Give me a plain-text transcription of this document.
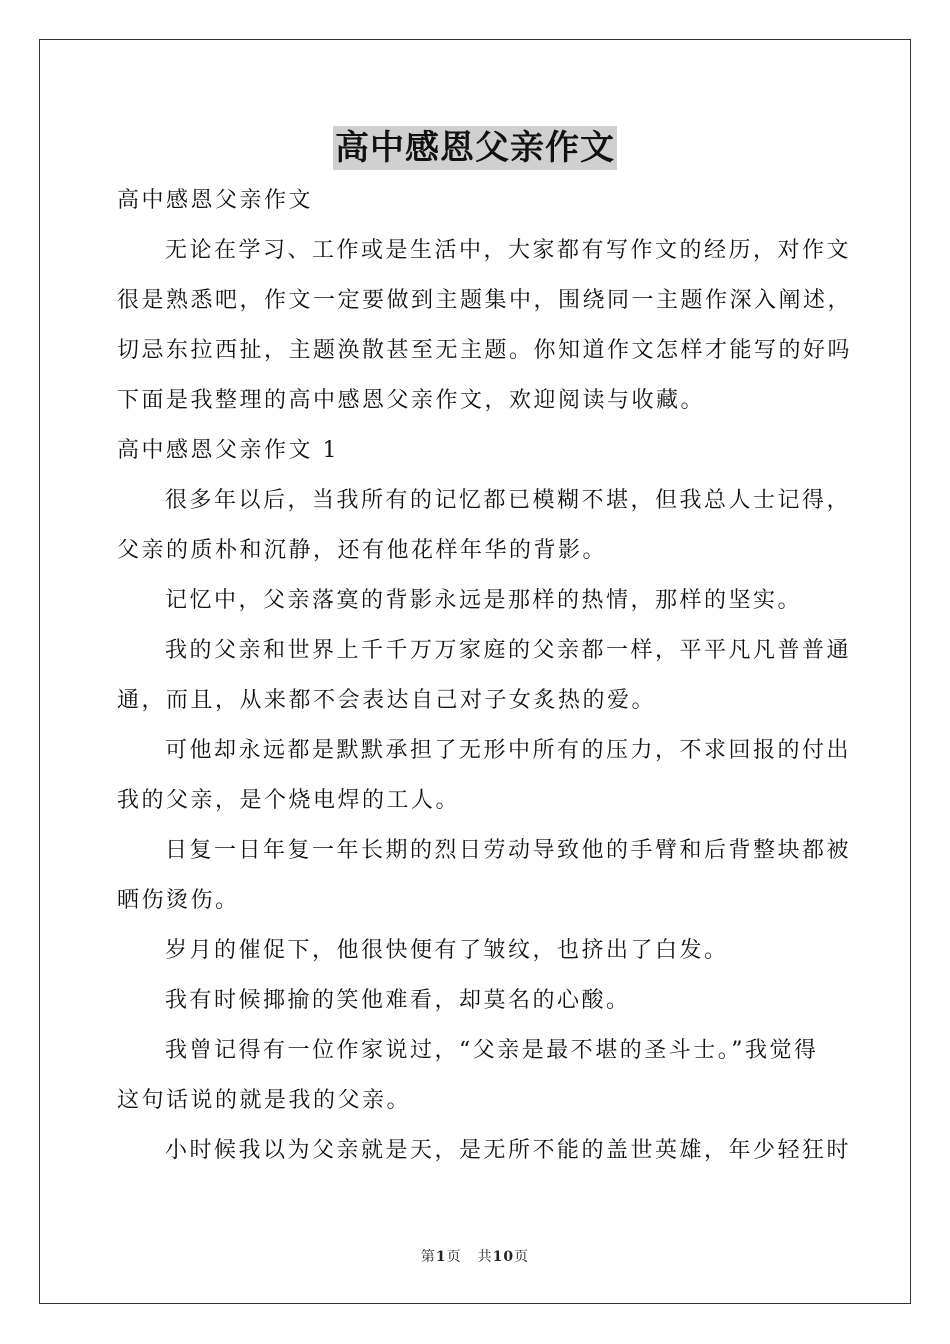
高中感恩父亲作文
高中感恩父亲作文
无论在学习、工作或是生活中，大家都有写作文的经历，对作文
很是熟悉吧，作文一定要做到主题集中，围绕同一主题作深入阐述，
切忌东拉西扯，主题涣散甚至无主题。你知道作文怎样才能写的好吗
下面是我整理的高中感恩父亲作文，欢迎阅读与收藏。
高中感恩父亲作文 1
很多年以后，当我所有的记忆都已模糊不堪，但我总人士记得，
父亲的质朴和沉静，还有他花样年华的背影。
记忆中，父亲落寞的背影永远是那样的热情，那样的坚实。
我的父亲和世界上千千万万家庭的父亲都一样，平平凡凡普普通
通，而且，从来都不会表达自己对子女炙热的爱。
可他却永远都是默默承担了无形中所有的压力，不求回报的付出
我的父亲，是个烧电焊的工人。
日复一日年复一年长期的烈日劳动导致他的手臂和后背整块都被
晒伤烫伤。
岁月的催促下，他很快便有了皱纹，也挤出了白发。
我有时候揶揄的笑他难看，却莫名的心酸。
我曾记得有一位作家说过，“父亲是最不堪的圣斗士。”我觉得
这句话说的就是我的父亲。
小时候我以为父亲就是天，是无所不能的盖世英雄，年少轻狂时
第1页 共10页
